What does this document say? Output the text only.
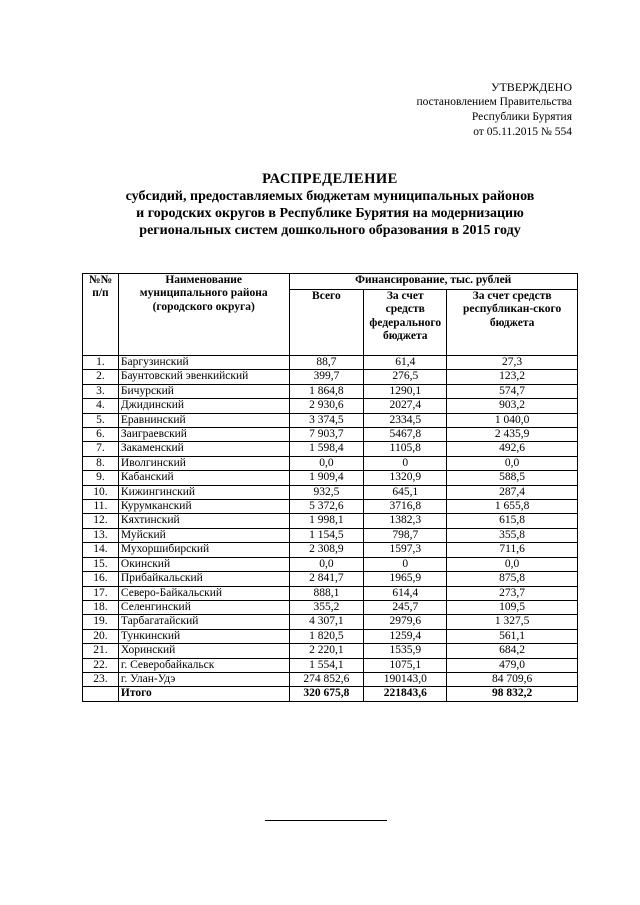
УТВЕРЖДЕНО
постановлением Правительства
Республики Бурятия
от 05.11.2015 № 554
РАСПРЕДЕЛЕНИЕ
субсидий, предоставляемых бюджетам муниципальных районов
и городских округов в Республике Бурятия на модернизацию
региональных систем дошкольного образования в 2015 году
№№ п/п	Наименование муниципального района (городского округа)	Финансирование, тыс. рублей		
		Всего	За счет средств федерального бюджета	За счет средств республикан-ского бюджета
1.	Баргузинский	88,7	61,4	27,3
2.	Баунтовский эвенкийский	399,7	276,5	123,2
3.	Бичурский	1 864,8	1290,1	574,7
4.	Джидинский	2 930,6	2027,4	903,2
5.	Еравнинский	3 374,5	2334,5	1 040,0
6.	Заиграевский	7 903,7	5467,8	2 435,9
7.	Закаменский	1 598,4	1105,8	492,6
8.	Иволгинский	0,0	0	0,0
9.	Кабанский	1 909,4	1320,9	588,5
10.	Кижингинский	932,5	645,1	287,4
11.	Курумканский	5 372,6	3716,8	1 655,8
12.	Кяхтинский	1 998,1	1382,3	615,8
13.	Муйский	1 154,5	798,7	355,8
14.	Мухоршибирский	2 308,9	1597,3	711,6
15.	Окинский	0,0	0	0,0
16.	Прибайкальский	2 841,7	1965,9	875,8
17.	Северо-Байкальский	888,1	614,4	273,7
18.	Селенгинский	355,2	245,7	109,5
19.	Тарбагатайский	4 307,1	2979,6	1 327,5
20.	Тункинский	1 820,5	1259,4	561,1
21.	Хоринский	2 220,1	1535,9	684,2
22.	г. Северобайкальск	1 554,1	1075,1	479,0
23.	г. Улан-Удэ	274 852,6	190143,0	84 709,6
	Итого	320 675,8	221843,6	98 832,2
